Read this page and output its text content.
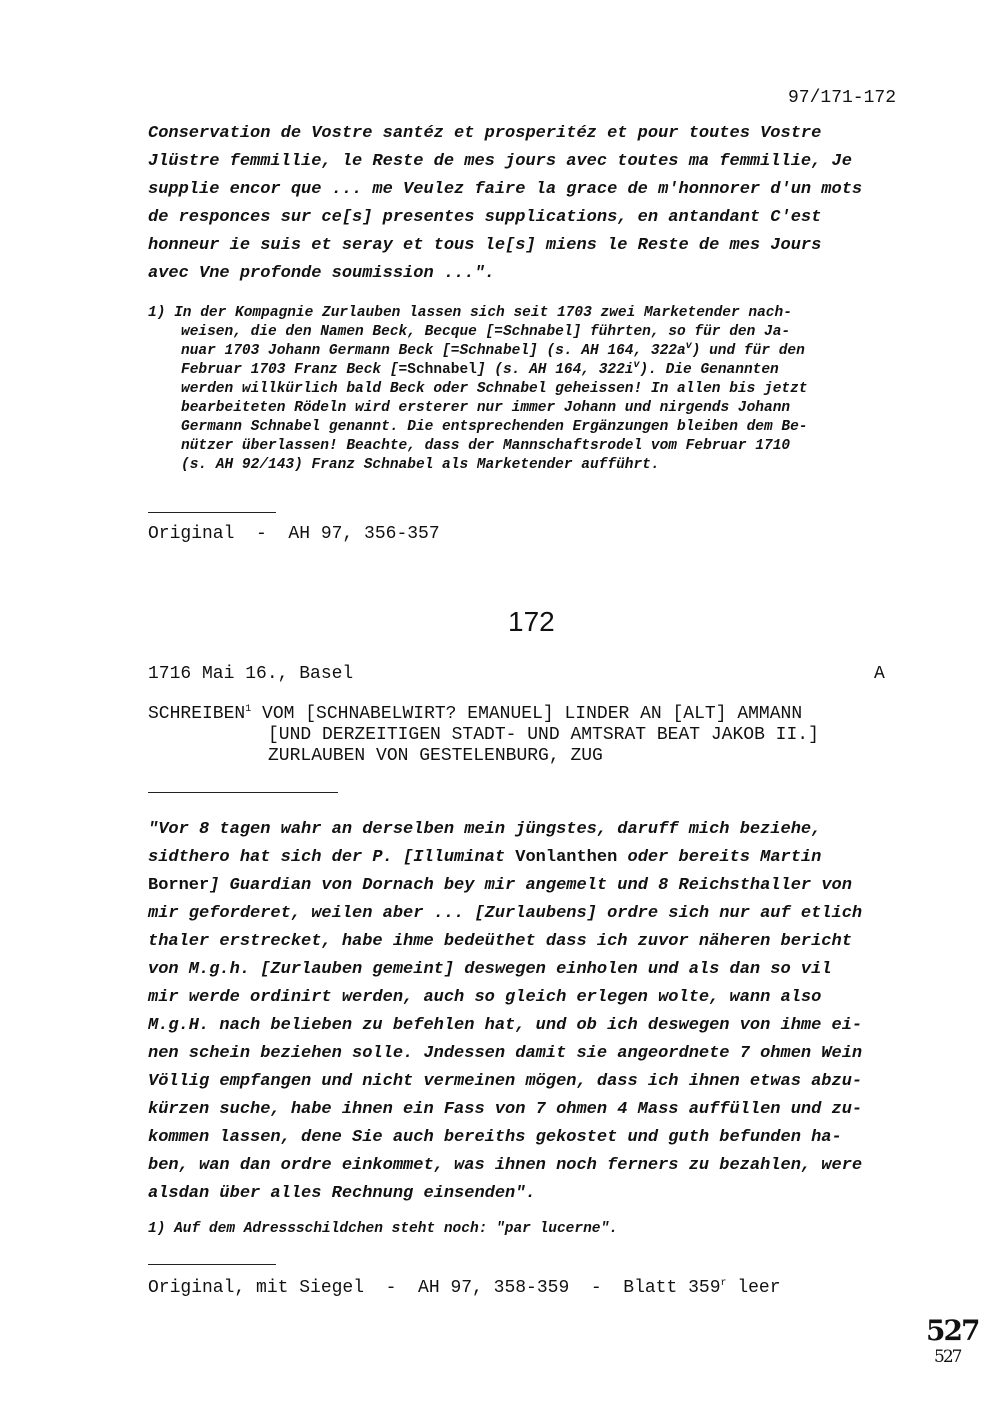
97/171-172
Conservation de Vostre santéz et prosperitéz et pour toutes Vostre
Jlüstre femmillie, le Reste de mes jours avec toutes ma femmillie, Je
supplie encor que ... me Veulez faire la grace de m'honnorer d'un mots
de responces sur ce[s] presentes supplications, en antandant C'est
honneur ie suis et seray et tous le[s] miens le Reste de mes Jours
avec Vne profonde soumission ...".
1) In der Kompagnie Zurlauben lassen sich seit 1703 zwei Marketender nach-
weisen, die den Namen Beck, Becque [=Schnabel] führten, so für den Ja-
nuar 1703 Johann Germann Beck [=Schnabel] (s. AH 164, $322a^v$) und für den
Februar 1703 Franz Beck [=Schnabel] (s. AH 164, $322i^v$). Die Genannten
werden willkürlich bald Beck oder Schnabel geheissen! In allen bis jetzt
bearbeiteten Rödeln wird ersterer nur immer Johann und nirgends Johann
Germann Schnabel genannt. Die entsprechenden Ergänzungen bleiben dem Be-
nützer überlassen! Beachte, dass der Mannschaftsrodel vom Februar 1710
(s. AH 92/143) Franz Schnabel als Marketender aufführt.
Original  -  AH 97, 356-357
172
1716 Mai 16., Basel	A
SCHREIBEN$^1$ VOM [SCHNABELWIRT? EMANUEL] LINDER AN [ALT] AMMANN
[UND DERZEITIGEN STADT- UND AMTSRAT BEAT JAKOB II.]
ZURLAUBEN VON GESTELENBURG, ZUG
"Vor 8 tagen wahr an derselben mein jüngstes, daruff mich beziehe,
sidthero hat sich der P. [Illuminat Vonlanthen oder bereits Martin
Borner] Guardian von Dornach bey mir angemelt und 8 Reichsthaller von
mir geforderet, weilen aber ... [Zurlaubens] ordre sich nur auf etlich
thaler erstrecket, habe ihme bedeüthet dass ich zuvor näheren bericht
von M.g.h. [Zurlauben gemeint] deswegen einholen und als dan so vil
mir werde ordinirt werden, auch so gleich erlegen wolte, wann also
M.g.H. nach belieben zu befehlen hat, und ob ich deswegen von ihme ei-
nen schein beziehen solle. Jndessen damit sie angeordnete 7 ohmen Wein
Völlig empfangen und nicht vermeinen mögen, dass ich ihnen etwas abzu-
kürzen suche, habe ihnen ein Fass von 7 ohmen 4 Mass auffüllen und zu-
kommen lassen, dene Sie auch bereiths gekostet und guth befunden ha-
ben, wan dan ordre einkommet, was ihnen noch ferners zu bezahlen, were
alsdan über alles Rechnung einsenden".
1) Auf dem Adressschildchen steht noch: "par lucerne".
Original, mit Siegel  -  AH 97, 358-359  -  Blatt 359$^r$ leer
527
527
